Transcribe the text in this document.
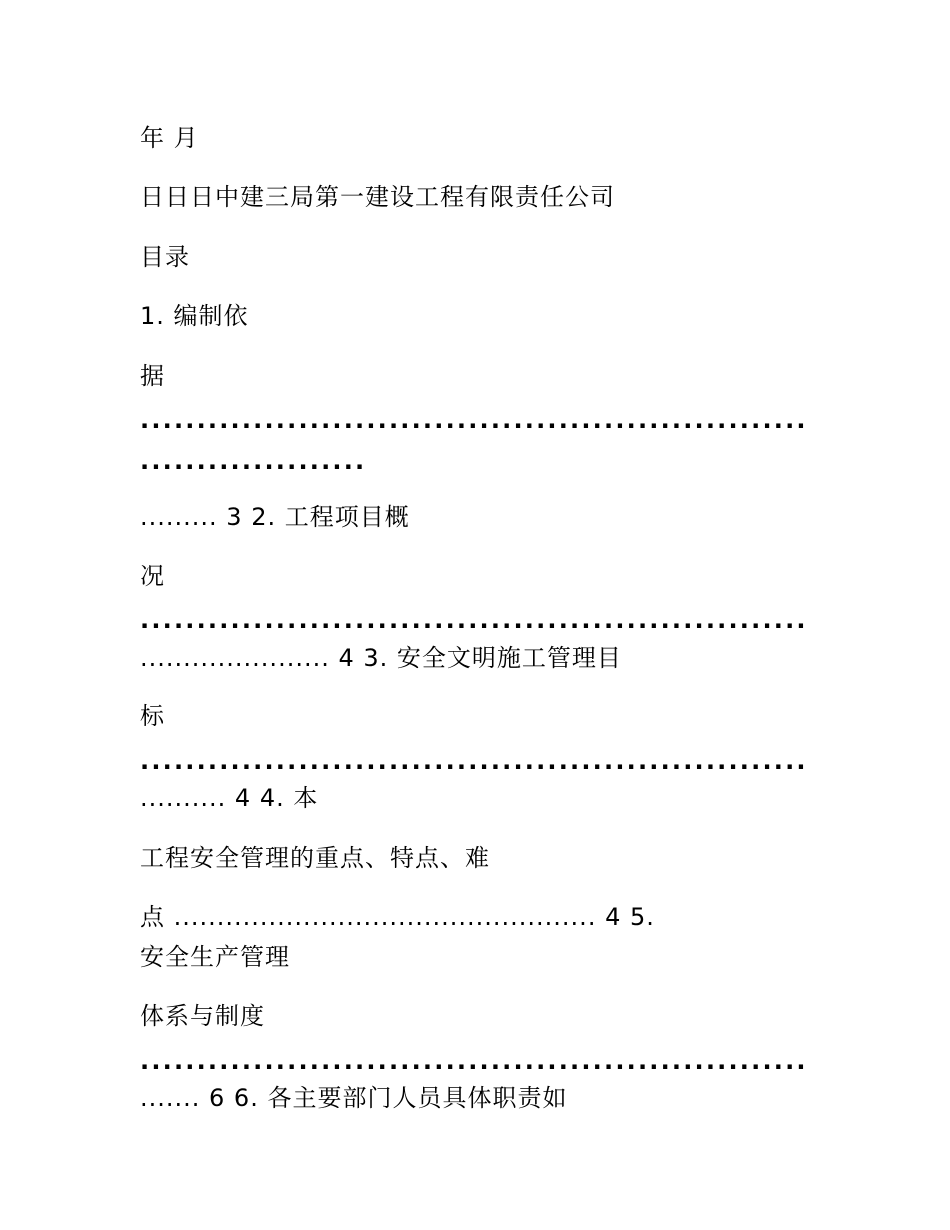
年 月
日日日中建三局第一建设工程有限责任公司
目录
1. 编制依
据
...........................................................
....................
......... 3 2. 工程项目概
况
...........................................................
...................... 4 3. 安全文明施工管理目
标
...........................................................
.......... 4 4. 本
工程安全管理的重点、特点、难
点 ................................................. 4 5.
安全生产管理
体系与制度
...........................................................
....... 6 6. 各主要部门人员具体职责如
